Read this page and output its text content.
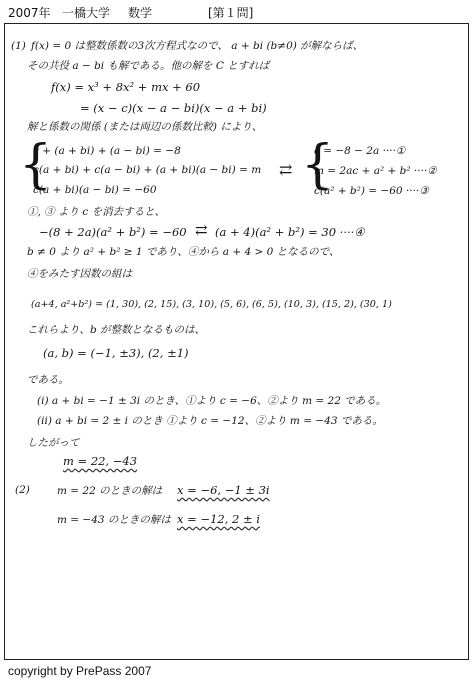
2007年 一橋大学 数学	[第１問]
(1) f(x) = 0 は整数係数の3次方程式なので、 a + bi (b≠0) が解ならば、
その共役 a − bi も解である。他の解を C とすれば
f(x) = x³ + 8x² + mx + 60
= (x − c)(x − a − bi)(x − a + bi)
解と係数の関係 (または両辺の係数比較) により、
{
c + (a + bi) + (a − bi) = −8
c(a + bi) + c(a − bi) + (a + bi)(a − bi) = m
c(a + bi)(a − bi) = −60
⇄ {
c = −8 − 2a ····①
m = 2ac + a² + b² ····②
c(a² + b²) = −60 ····③
①, ③ より c を消去すると、
−(8 + 2a)(a² + b²) = −60 ⇄ (a + 4)(a² + b²) = 30 ····④
b ≠ 0 より a² + b² ≥ 1 であり、④から a + 4 > 0 となるので、
④をみたす因数の組は
(a+4, a²+b²) = (1, 30), (2, 15), (3, 10), (5, 6), (6, 5), (10, 3), (15, 2), (30, 1)
これらより、b が整数となるものは、
(a, b) = (−1, ±3), (2, ±1)
である。
(i) a + bi = −1 ± 3i のとき、①より c = −6、②より m = 22 である。
(ii) a + bi = 2 ± i のとき ①より c = −12、②より m = −43 である。
したがって
m = 22, −43
(2)	m = 22 のときの解は x = −6, −1 ± 3i
m = −43 のときの解は x = −12, 2 ± i
copyright by PrePass 2007
